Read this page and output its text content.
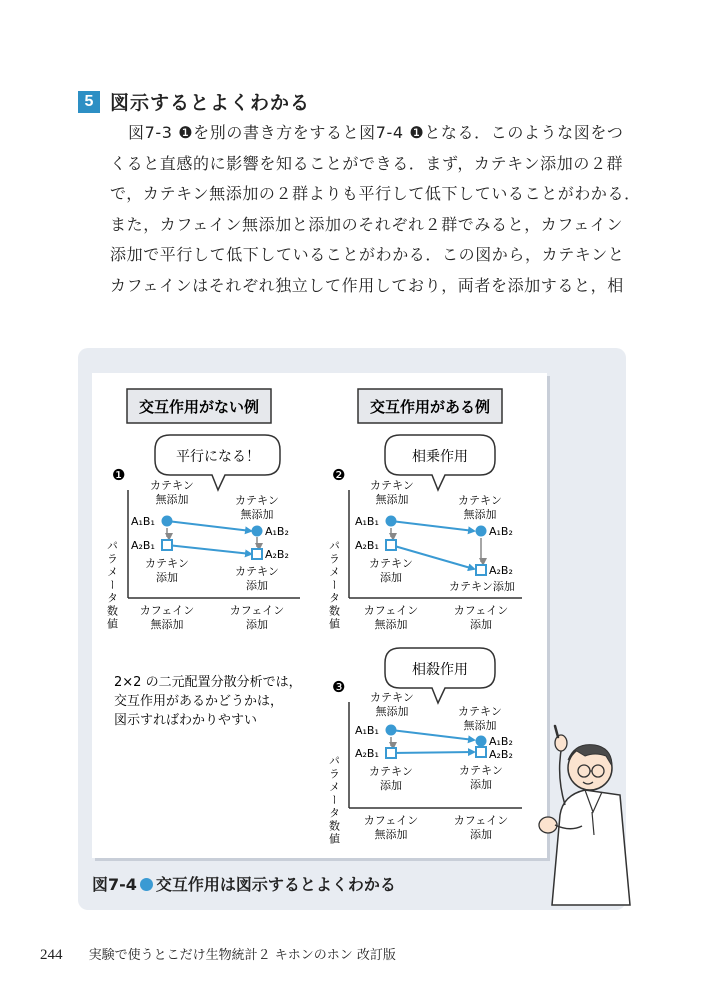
5 図示するとよくわかる
図7-3 ❶を別の書き方をすると図7-4 ❶となる．このような図をつ
くると直感的に影響を知ることができる．まず，カテキン添加の２群
で，カテキン無添加の２群よりも平行して低下していることがわかる．
また，カフェイン無添加と添加のそれぞれ２群でみると，カフェイン
添加で平行して低下していることがわかる．この図から，カテキンと
カフェインはそれぞれ独立して作用しており，両者を添加すると，相
交互作用がない例	交互作用がある例
平行になる！
❶
パラメータ数値
カテキン
無添加	カテキン
無添加
A₁B₁
A₂B₁
A₁B₂
A₂B₂
カテキン
添加	カテキン
添加
カフェイン
無添加
カフェイン
添加
相乗作用
❷
パラメータ数値
カテキン
無添加	カテキン
無添加
A₁B₁
A₂B₁
A₁B₂
A₂B₂
カテキン
添加
カテキン添加
カフェイン
無添加
カフェイン
添加
2×2 の二元配置分散分析では，
交互作用があるかどうかは，
図示すればわかりやすい
相殺作用
❸
パラメータ数値
カテキン
無添加	カテキン
無添加
A₁B₁
A₂B₁
A₁B₂
A₂B₂
カテキン
添加
カテキン
添加
カフェイン
無添加
カフェイン
添加
図7-4 交互作用は図示するとよくわかる
244 実験で使うとこだけ生物統計２ キホンのホン 改訂版
